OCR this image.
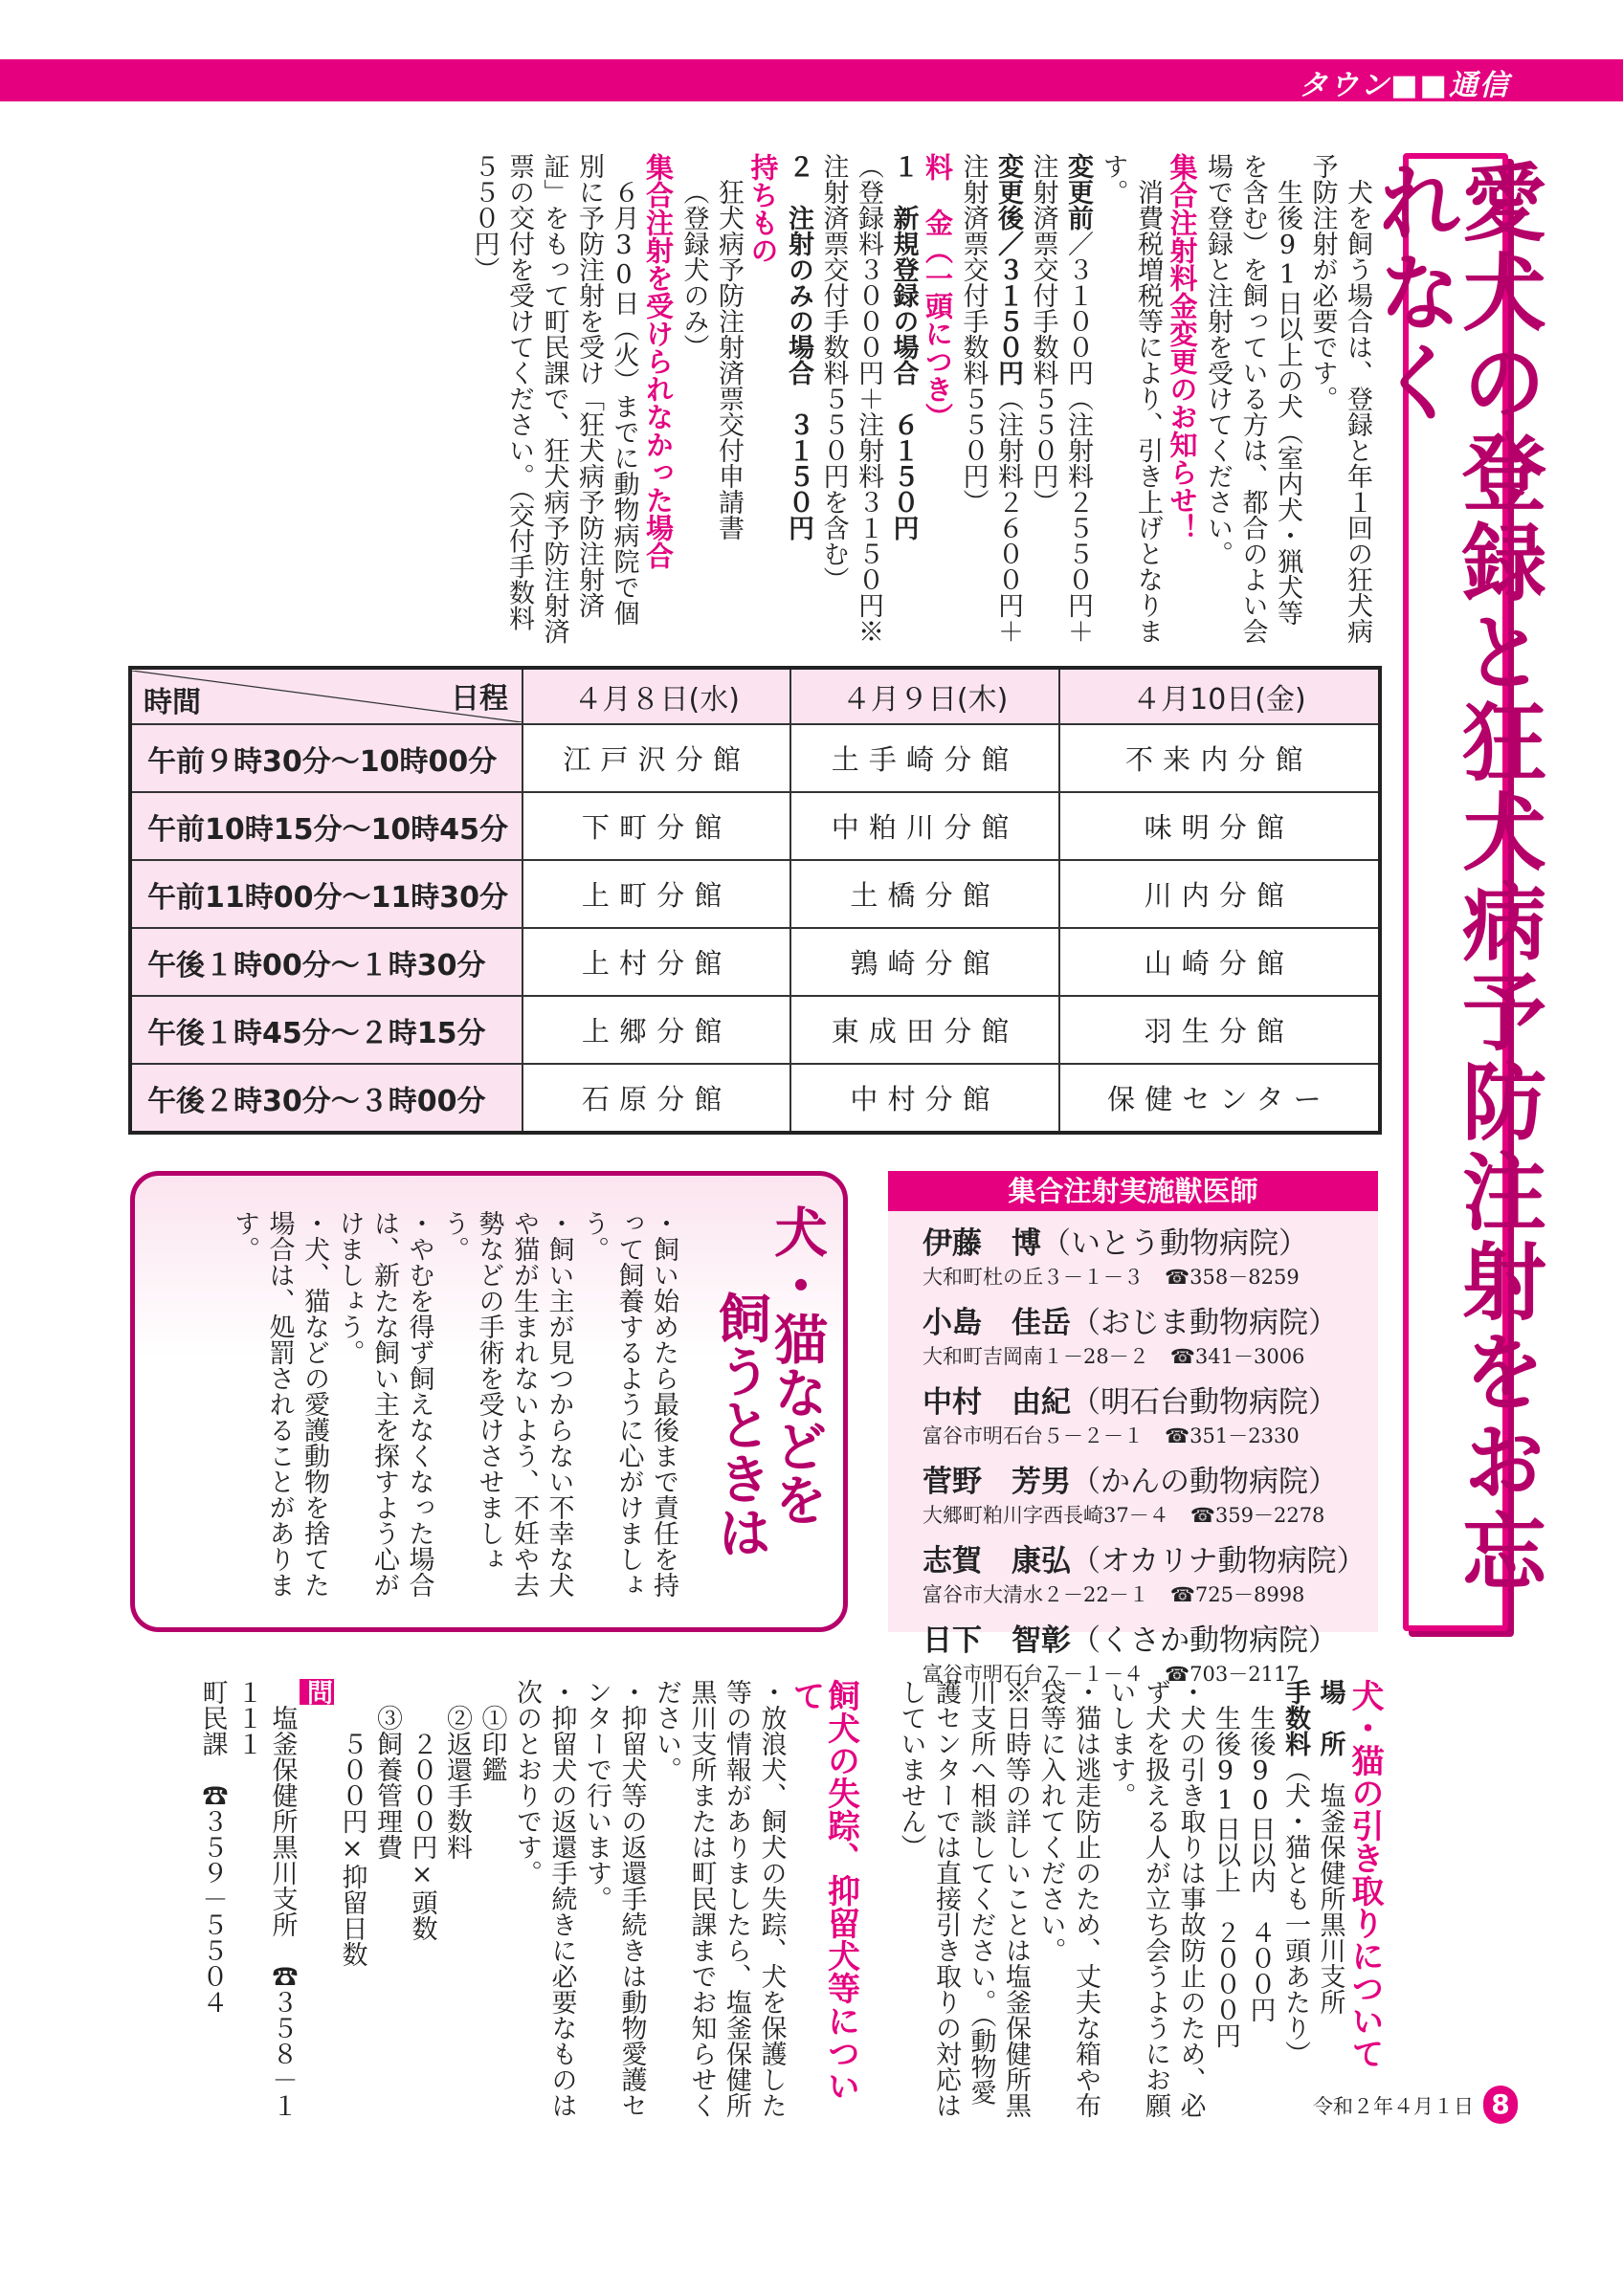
タウン■■通信
愛犬の登録と狂犬病予防注射をお忘れなく

犬を飼う場合は、登録と年１回の狂犬病予防注射が必要です。

生後91日以上の犬（室内犬・猟犬等を含む）を飼っている方は、都合のよい会場で登録と注射を受けてください。

集合注射料金変更のお知らせ！

消費税増税等により、引き上げとなります。

変更前／３１００円（注射料２５５０円＋注射済票交付手数料５５０円）

変更後／３１５０円（注射料２６００円＋注射済票交付手数料５５０円）

料　金（一頭につき）

１　新規登録の場合　６１５０円

（登録料３０００円＋注射料３１５０円※注射済票交付手数料５５０円を含む）

２　注射のみの場合　３１５０円

持ちもの

狂犬病予防注射済票交付申請書

（登録犬のみ）

集合注射を受けられなかった場合

６月30日（火）までに動物病院で個別に予防注射を受け「狂犬病予防注射済証」をもって町民課で、狂犬病予防注射済票の交付を受けてください。（交付手数料５５０円）

時間 日程	４月８日(水)	４月９日(木)	４月10日(金)
午前９時30分～10時00分	江戸沢分館	土手崎分館	不来内分館
午前10時15分～10時45分	下町分館	中粕川分館	味明分館
午前11時00分～11時30分	上町分館	土橋分館	川内分館
午後１時00分～１時30分	上村分館	鶉崎分館	山崎分館
午後１時45分～２時15分	上郷分館	東成田分館	羽生分館
午後２時30分～３時00分	石原分館	中村分館	保健センター
犬・猫などを
飼うときは

・飼い始めたら最後まで責任を持って飼養するように心がけましょう。

・飼い主が見つからない不幸な犬や猫が生まれないよう、不妊や去勢などの手術を受けさせましょう。

・やむを得ず飼えなくなった場合は、新たな飼い主を探すよう心がけましょう。

・犬、猫などの愛護動物を捨てた場合は、処罰されることがあります。

集合注射実施獣医師
伊藤　博（いとう動物病院）
大和町杜の丘３－１－３ ☎358－8259
小島　佳岳（おじま動物病院）
大和町吉岡南１－28－２ ☎341－3006
中村　由紀（明石台動物病院）
富谷市明石台５－２－１ ☎351－2330
菅野　芳男（かんの動物病院）
大郷町粕川字西長崎37－４ ☎359－2278
志賀　康弘（オカリナ動物病院）
富谷市大清水２－22－１ ☎725－8998
日下　智彰（くさか動物病院）
富谷市明石台７－１－４ ☎703－2117

犬・猫の引き取りについて

場　所　塩釜保健所黒川支所

手数料（犬・猫とも一頭あたり）

生後90日以内　４００円

生後91日以上　２０００円

・犬の引き取りは事故防止のため、必ず犬を扱える人が立ち会うようにお願いします。

・猫は逃走防止のため、丈夫な箱や布袋等に入れてください。

※日時等の詳しいことは塩釜保健所黒川支所へ相談してください。（動物愛護センターでは直接引き取りの対応はしていません）

飼犬の失踪、抑留犬等について

・放浪犬、飼犬の失踪、犬を保護した等の情報がありましたら、塩釜保健所黒川支所または町民課までお知らせください。

・抑留犬等の返還手続きは動物愛護センターで行います。

・抑留犬の返還手続きに必要なものは次のとおりです。

①印鑑

②返還手数料

　２０００円×頭数

③飼養管理費

　５００円×抑留日数

問

塩釜保健所黒川支所　☎３５８－１１１１

町民課　☎３５９－５５０４

令和２年４月１日 8
